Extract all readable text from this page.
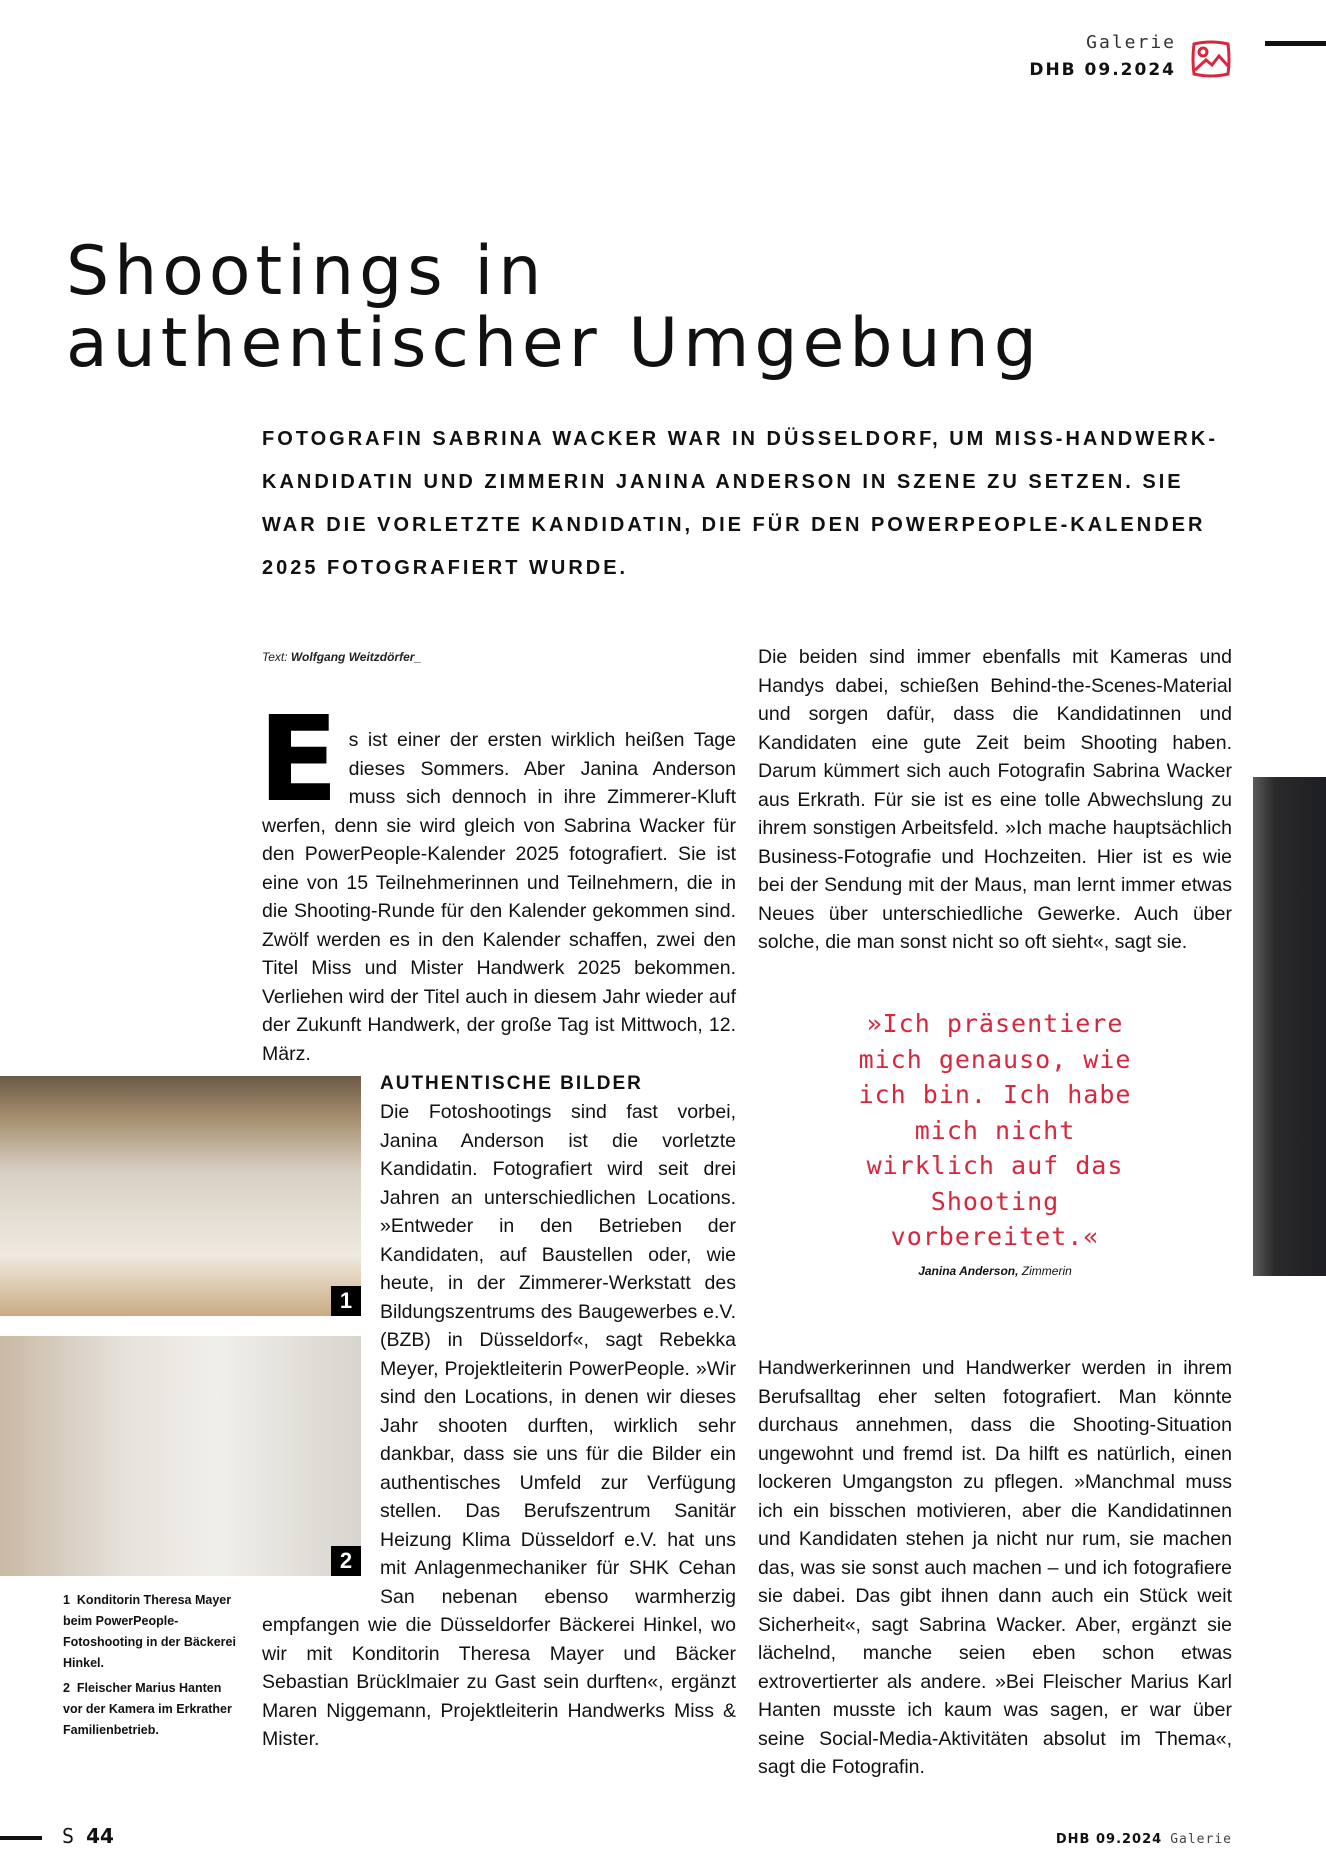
Galerie
DHB 09.2024
Shootings in
authentischer Umgebung

FOTOGRAFIN SABRINA WACKER WAR IN DÜSSELDORF, UM MISS-HANDWERK-KANDIDATIN UND ZIMMERIN JANINA ANDERSON IN SZENE ZU SETZEN. SIE WAR DIE VORLETZTE KANDIDATIN, DIE FÜR DEN POWERPEOPLE-KALENDER 2025 FOTOGRAFIERT WURDE.

Text: Wolfgang Weitzdörfer_
Es ist einer der ersten wirklich heißen Tage dieses Sommers. Aber Janina Anderson muss sich dennoch in ihre Zimmerer-Kluft werfen, denn sie wird gleich von Sabrina Wacker für den PowerPeople-Kalender 2025 fotografiert. Sie ist eine von 15 Teilnehmerinnen und Teilnehmern, die in die Shooting-Runde für den Kalender gekommen sind. Zwölf werden es in den Kalender schaffen, zwei den Titel Miss und Mister Handwerk 2025 bekommen. Verliehen wird der Titel auch in diesem Jahr wieder auf der Zukunft Handwerk, der große Tag ist Mittwoch, 12. März.
AUTHENTISCHE BILDER
Die Fotoshootings sind fast vorbei, Janina Anderson ist die vorletzte Kandidatin. Fotografiert wird seit drei Jahren an unterschiedlichen Locations. »Entweder in den Betrieben der Kandidaten, auf Baustellen oder, wie heute, in der Zimmerer-Werkstatt des Bildungszentrums des Baugewerbes e.V. (BZB) in Düsseldorf«, sagt Rebekka Meyer, Projektleiterin PowerPeople. »Wir sind den Locations, in denen wir dieses Jahr shooten durften, wirklich sehr dankbar, dass sie uns für die Bilder ein authentisches Umfeld zur Verfügung stellen. Das Berufszentrum Sanitär Heizung Klima Düsseldorf e.V. hat uns mit Anlagenmechaniker für SHK Cehan San nebenan ebenso warmherzig empfangen wie die Düsseldorfer Bäckerei Hinkel, wo wir mit Konditorin Theresa Mayer und Bäcker Sebastian Brücklmaier zu Gast sein durften«, ergänzt Maren Niggemann, Projektleiterin Handwerks Miss & Mister.
Die beiden sind immer ebenfalls mit Kameras und Handys dabei, schießen Behind-the-Scenes-Material und sorgen dafür, dass die Kandidatinnen und Kandidaten eine gute Zeit beim Shooting haben. Darum kümmert sich auch Fotografin Sabrina Wacker aus Erkrath. Für sie ist es eine tolle Abwechslung zu ihrem sonstigen Arbeitsfeld. »Ich mache hauptsächlich Business-Fotografie und Hochzeiten. Hier ist es wie bei der Sendung mit der Maus, man lernt immer etwas Neues über unterschiedliche Gewerke. Auch über solche, die man sonst nicht so oft sieht«, sagt sie.
»Ich präsentiere mich genauso, wie ich bin. Ich habe mich nicht wirklich auf das Shooting vorbereitet.«
Janina Anderson, Zimmerin
Handwerkerinnen und Handwerker werden in ihrem Berufsalltag eher selten fotografiert. Man könnte durchaus annehmen, dass die Shooting-Situation ungewohnt und fremd ist. Da hilft es natürlich, einen lockeren Umgangston zu pflegen. »Manchmal muss ich ein bisschen motivieren, aber die Kandidatinnen und Kandidaten stehen ja nicht nur rum, sie machen das, was sie sonst auch machen – und ich fotografiere sie dabei. Das gibt ihnen dann auch ein Stück weit Sicherheit«, sagt Sabrina Wacker. Aber, ergänzt sie lächelnd, manche seien eben schon etwas extrovertierter als andere. »Bei Fleischer Marius Karl Hanten musste ich kaum was sagen, er war über seine Social-Media-Aktivitäten absolut im Thema«, sagt die Fotografin.
1
2

1 Konditorin Theresa Mayer beim PowerPeople-Fotoshooting in der Bäckerei Hinkel.

2 Fleischer Marius Hanten vor der Kamera im Erkrather Familienbetrieb.

S 44	DHB 09.2024 Galerie
